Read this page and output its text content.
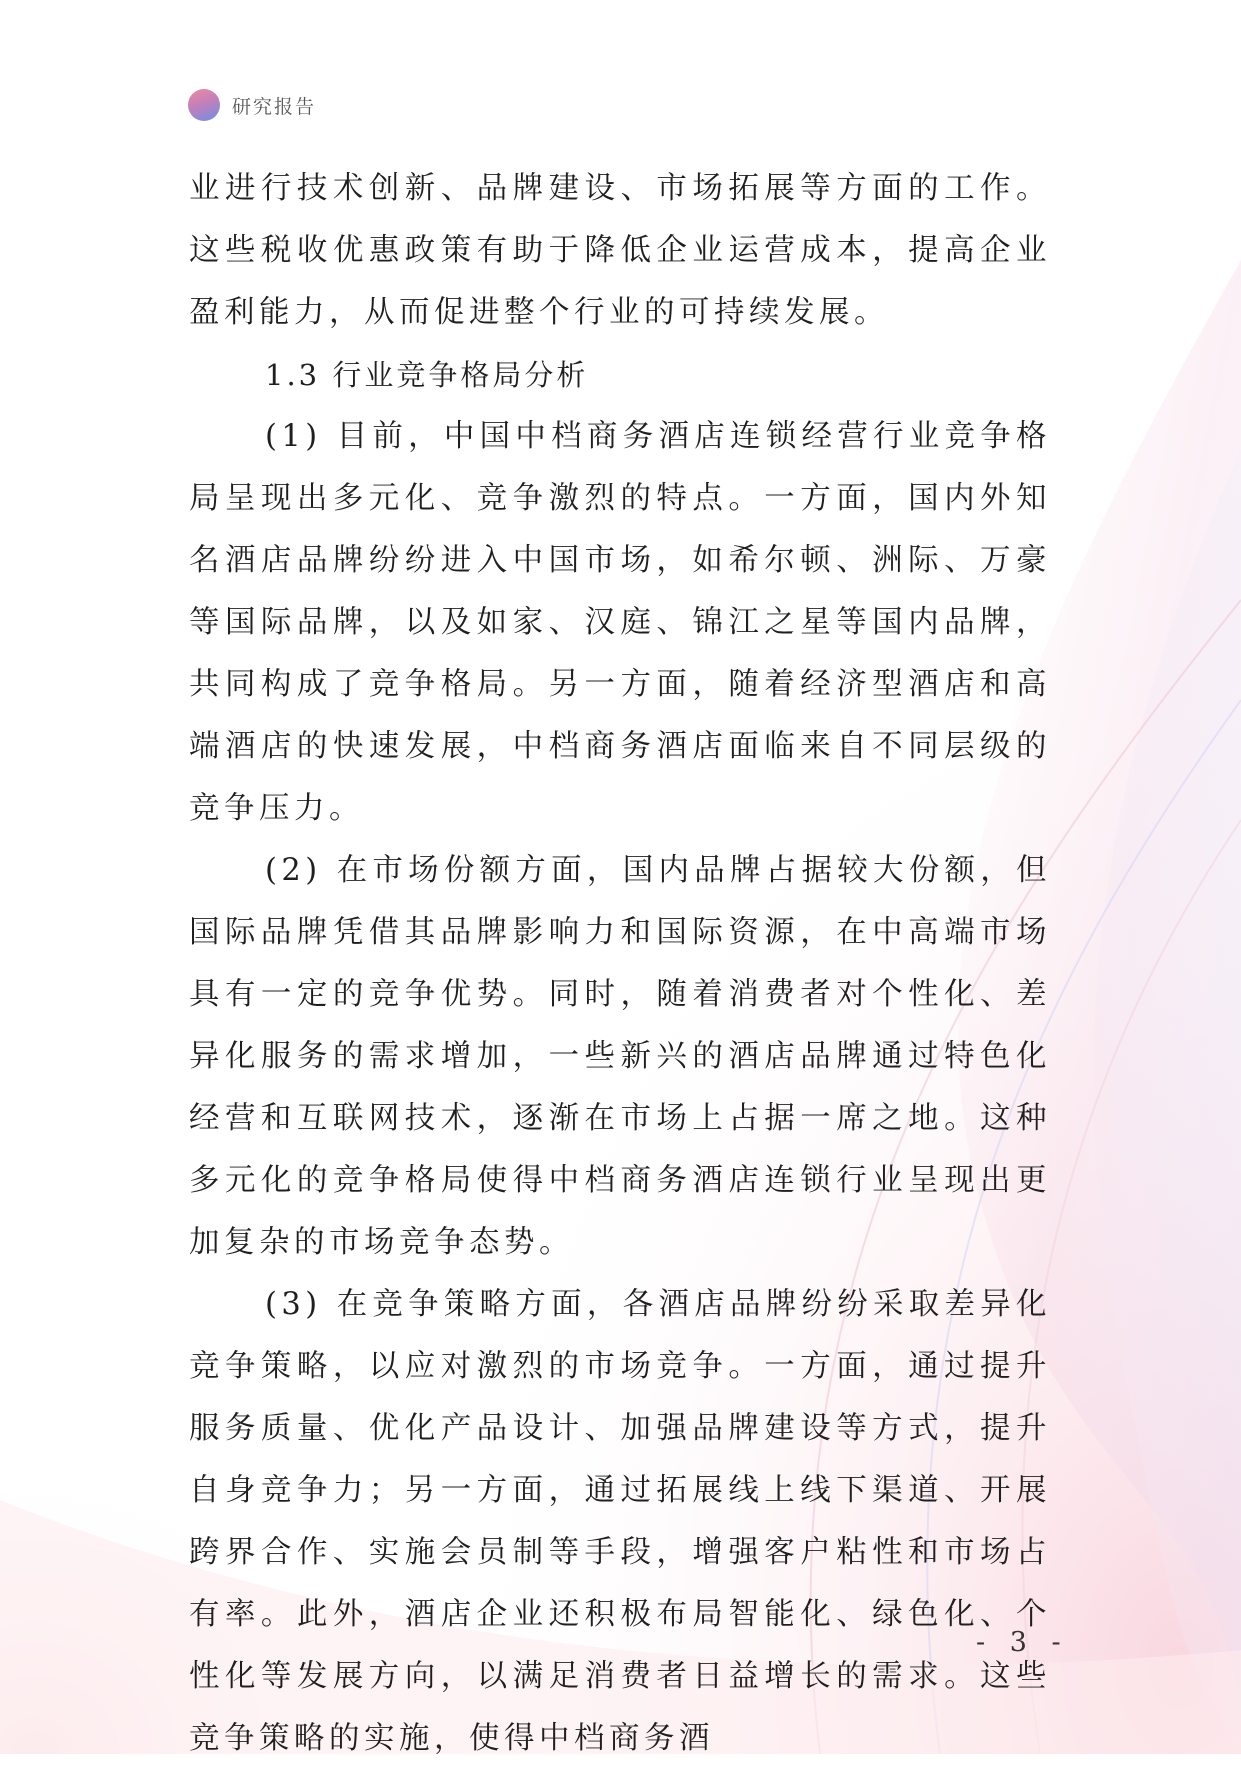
研究报告

业进行技术创新、品牌建设、市场拓展等方面的工作。这些税收优惠政策有助于降低企业运营成本，提高企业盈利能力，从而促进整个行业的可持续发展。

1.3 行业竞争格局分析

(1) 目前，中国中档商务酒店连锁经营行业竞争格局呈现出多元化、竞争激烈的特点。一方面，国内外知名酒店品牌纷纷进入中国市场，如希尔顿、洲际、万豪等国际品牌，以及如家、汉庭、锦江之星等国内品牌，共同构成了竞争格局。另一方面，随着经济型酒店和高端酒店的快速发展，中档商务酒店面临来自不同层级的竞争压力。

(2) 在市场份额方面，国内品牌占据较大份额，但国际品牌凭借其品牌影响力和国际资源，在中高端市场具有一定的竞争优势。同时，随着消费者对个性化、差异化服务的需求增加，一些新兴的酒店品牌通过特色化经营和互联网技术，逐渐在市场上占据一席之地。这种多元化的竞争格局使得中档商务酒店连锁行业呈现出更加复杂的市场竞争态势。

(3) 在竞争策略方面，各酒店品牌纷纷采取差异化竞争策略，以应对激烈的市场竞争。一方面，通过提升服务质量、优化产品设计、加强品牌建设等方式，提升自身竞争力；另一方面，通过拓展线上线下渠道、开展跨界合作、实施会员制等手段，增强客户粘性和市场占有率。此外，酒店企业还积极布局智能化、绿色化、个性化等发展方向，以满足消费者日益增长的需求。这些竞争策略的实施，使得中档商务酒

- 3 -
